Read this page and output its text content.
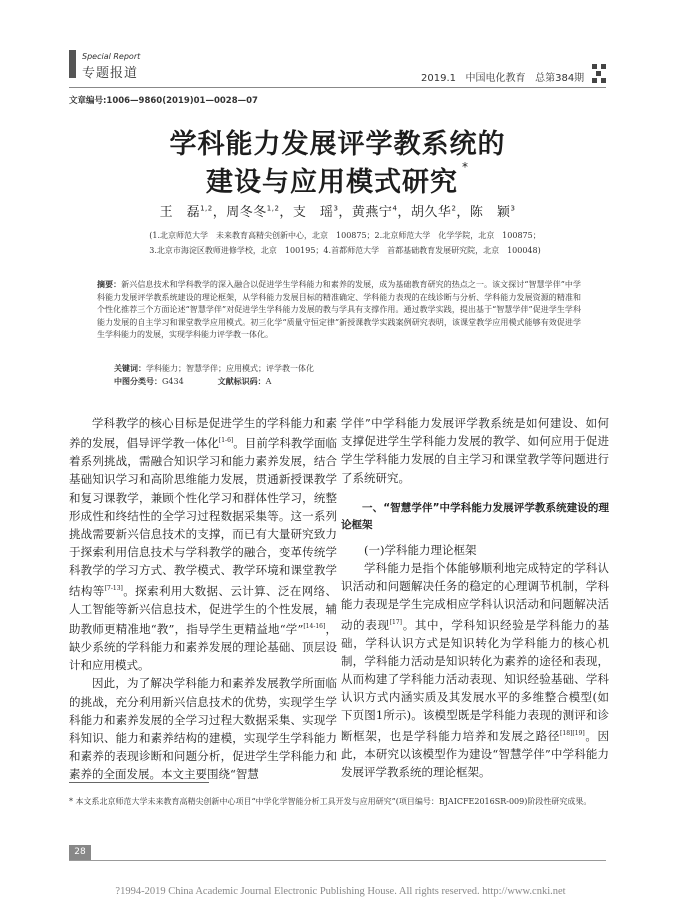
Special Report
专题报道	2019.1 中国电化教育 总第384期
文章编号:1006—9860(2019)01—0028—07
学科能力发展评学教系统的
建设与应用模式研究 *
王　磊$^{1,2}$，周冬冬$^{1,2}$，支　瑶$^3$，黄燕宁$^4$，胡久华$^2$，陈　颖$^3$
(1.北京师范大学　未来教育高精尖创新中心，北京　100875；2.北京师范大学　化学学院，北京　100875；
3.北京市海淀区教师进修学校，北京　100195；4.首都师范大学　首都基础教育发展研究院，北京　100048)
摘要：新兴信息技术和学科教学的深入融合以促进学生学科能力和素养的发展，成为基础教育研究的热点之一。该文探讨“智慧学伴”中学科能力发展评学教系统建设的理论框架，从学科能力发展目标的精准确定、学科能力表现的在线诊断与分析、学科能力发展资源的精准和个性化推荐三个方面论述“智慧学伴”对促进学生学科能力发展的教与学具有支撑作用。通过教学实践，提出基于“智慧学伴”促进学生学科能力发展的自主学习和课堂教学应用模式。初三化学“质量守恒定律”新授课教学实践案例研究表明，该课堂教学应用模式能够有效促进学生学科能力的发展，实现学科能力评学教一体化。
关键词：学科能力；智慧学伴；应用模式；评学教一体化
中图分类号：G434	文献标识码：A

学科教学的核心目标是促进学生的学科能力和素养的发展，倡导评学教一体化[1-6]。目前学科教学面临着系列挑战，需融合知识学习和能力素养发展，结合基础知识学习和高阶思维能力发展，贯通新授课教学和复习课教学，兼顾个性化学习和群体性学习，统整形成性和终结性的全学习过程数据采集等。这一系列挑战需要新兴信息技术的支撑，而已有大量研究致力于探索利用信息技术与学科教学的融合，变革传统学科教学的学习方式、教学模式、教学环境和课堂教学结构等[7-13]。探索利用大数据、云计算、泛在网络、人工智能等新兴信息技术，促进学生的个性发展，辅助教师更精准地“教”，指导学生更精益地“学”[14-16]，缺少系统的学科能力和素养发展的理论基础、顶层设计和应用模式。

因此，为了解决学科能力和素养发展教学所面临的挑战，充分利用新兴信息技术的优势，实现学生学科能力和素养发展的全学习过程大数据采集、实现学科知识、能力和素养结构的建模，实现学生学科能力和素养的表现诊断和问题分析，促进学生学科能力和素养的全面发展。本文主要围绕“智慧

学伴”中学科能力发展评学教系统是如何建设、如何支撑促进学生学科能力发展的教学、如何应用于促进学生学科能力发展的自主学习和课堂教学等问题进行了系统研究。

一、“智慧学伴”中学科能力发展评学教系统建设的理论框架

(一)学科能力理论框架

学科能力是指个体能够顺利地完成特定的学科认识活动和问题解决任务的稳定的心理调节机制，学科能力表现是学生完成相应学科认识活动和问题解决活动的表现[17]。其中，学科知识经验是学科能力的基础，学科认识方式是知识转化为学科能力的核心机制，学科能力活动是知识转化为素养的途径和表现，从而构建了学科能力活动表现、知识经验基础、学科认识方式内涵实质及其发展水平的多维整合模型(如下页图1所示)。该模型既是学科能力表现的测评和诊断框架，也是学科能力培养和发展之路径[18][19]。因此，本研究以该模型作为建设“智慧学伴”中学科能力发展评学教系统的理论框架。

* 本文系北京师范大学未来教育高精尖创新中心项目“中学化学智能分析工具开发与应用研究”(项目编号：BJAICFE2016SR-009)阶段性研究成果。
28
?1994-2019 China Academic Journal Electronic Publishing House. All rights reserved. http://www.cnki.net
